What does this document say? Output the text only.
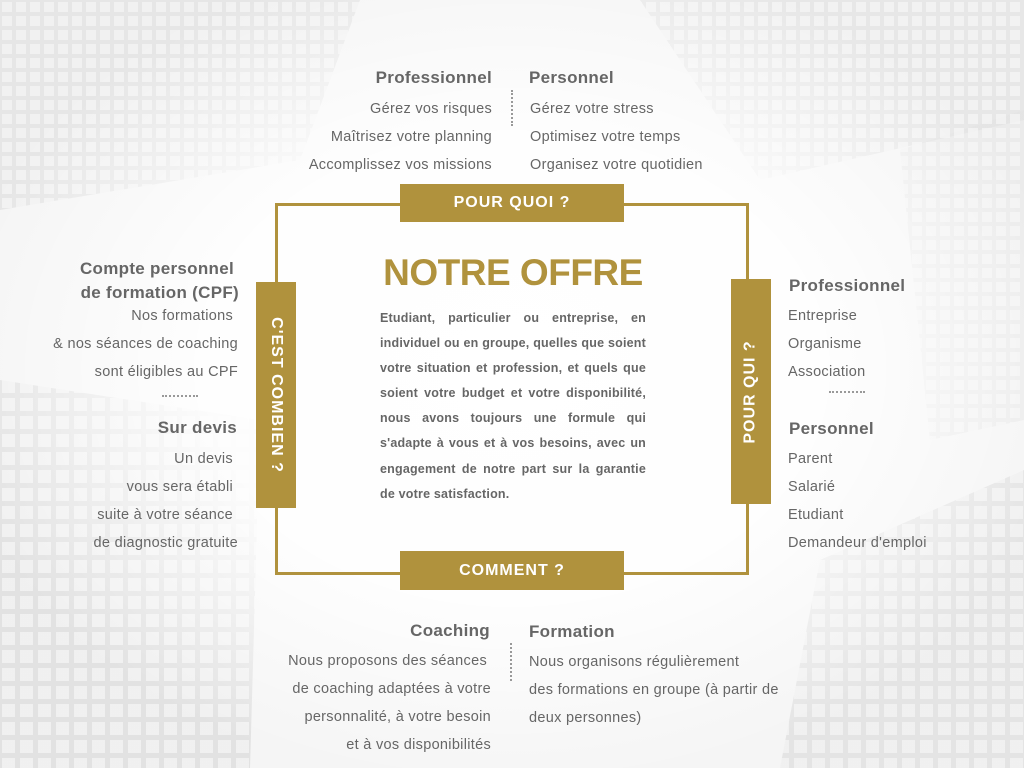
Professionnel
Gérez vos risques
Maîtrisez votre planning
Accomplissez vos missions
Personnel
Gérez votre stress
Optimisez votre temps
Organisez votre quotidien
POUR QUOI ?
COMMENT ?
C'EST COMBIEN ?	POUR QUI ?
NOTRE OFFRE
Etudiant, particulier ou entreprise, en individuel ou en groupe, quelles que soient votre situation et profession, et quels que soient votre budget et votre disponibilité, nous avons toujours une formule qui s'adapte à vous et à vos besoins, avec un engagement de notre part sur la garantie de votre satisfaction.
Compte personnel
de formation (CPF)
Nos formations
& nos séances de coaching
sont éligibles au CPF
Sur devis
Un devis
vous sera établi
suite à votre séance
de diagnostic gratuite
Professionnel
Entreprise
Organisme
Association
Personnel
Parent
Salarié
Etudiant
Demandeur d'emploi
Coaching
Nous proposons des séances
de coaching adaptées à votre
personnalité, à votre besoin
et à vos disponibilités
Formation
Nous organisons régulièrement
des formations en groupe (à partir de
deux personnes)
